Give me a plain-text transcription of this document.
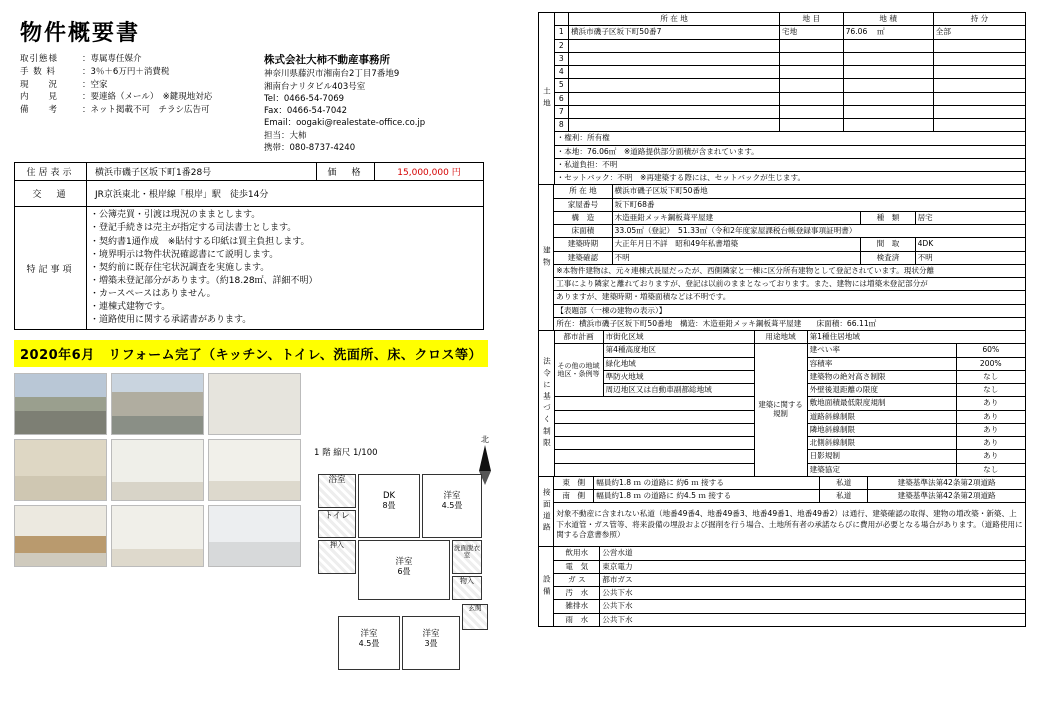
物件概要書
取引態様	：専属専任媒介
手 数 料	：3％＋6万円＋消費税
現　　況	：空家
内　　見	：要連絡（メール）　※鍵現地対応
備　　考	：ネット掲載不可　チラシ広告可
株式会社大柿不動産事務所
神奈川県藤沢市湘南台2丁目7番地9
湘南台ナリタビル403号室
Tel：0466-54-7069
Fax：0466-54-7042
Email：oogaki@realestate-office.co.jp
担当：大柿
携帯：080-8737-4240
住居表示	横浜市磯子区坂下町1番28号	価　格	15,000,000 円
交　通	JR京浜東北・根岸線「根岸」駅　徒歩14分		
特記事項	
・公簿売買・引渡は現況のままとします。
・登記手続きは売主が指定する司法書士とします。
・契約書1通作成　※貼付する印紙は買主負担します。
・境界明示は物件状況確認書にて説明します。
・契約前に既存住宅状況調査を実施します。
・増築未登記部分があります。（約18.28㎡、詳細不明）
・カースペースはありません。
・連棟式建物です。
・道路使用に関する承諾書があります。
2020年6月　リフォーム完了（キッチン、トイレ、洗面所、床、クロス等）
1 階 縮尺 1/100
北
浴室
トイレ
DK
8畳
洋室
4.5畳
押入
洋室
6畳
洗面脱衣室
物入
洋室
4.5畳
洋室
3畳
玄関
土地		所 在 地	地 目	地 積	持 分
	1	横浜市磯子区坂下町50番7	宅地	76.06 ㎡	全部
	2				
	3				
	4				
	5				
	6				
	7				
	8				
	・権利：所有権				
	・本地：76.06㎡　※道路提供部分面積が含まれています。				
	・私道負担：不明				
	・セットバック：不明　※再建築する際には、セットバックが生じます。				
建物	所 在 地	横浜市磯子区坂下町50番地		
	家屋番号	坂下町68番		
	構　造	木造亜鉛メッキ鋼板葺平屋建	種　類	居宅
	床面積	33.05㎡（登記）　51.33㎡（令和2年度家屋課税台帳登録事項証明書）		
	建築時期	大正年月日不詳　昭和49年私書増築	間　取	4DK
	建築確認	不明	検査済	不明
	※本物件建物は、元々連棟式長屋だったが、西側隣家と一棟に区分所有建物として登記されています。現状分離			
	工事により隣家と離れておりますが、登記は以前のままとなっております。また、建物には増築未登記部分が			
	ありますが、建築時期・増築面積などは不明です。			
	【表題部（一棟の建物の表示）】			
	所在：横浜市磯子区坂下町50番地　構造：木造亜鉛メッキ鋼板葺平屋建　　床面積：66.11㎡			
法令に基づく制限	都市計画	市街化区域	用途地域	第1種住居地域	
	その他の地域地区・条例等	第4種高度地区	建築に関する規制	建ぺい率	60%
		緑化地域		容積率	200%
		準防火地域		建築物の絶対高さ制限	なし
		周辺地区又は自動車副都総地域		外壁後退距離の限度	なし
				敷地面積最低限度規制	あり
				道路斜線制限	あり
				隣地斜線制限	あり
				北側斜線制限	あり
				日影規制	あり
				建築協定	なし
接面道路	東　側	幅員約1.8 ｍ の道路に 約6 ｍ 接する	私道	建築基準法第42条第2項道路
	南　側	幅員約1.8 ｍ の道路に 約4.5 ｍ 接する	私道	建築基準法第42条第2項道路
	対象不動産に含まれない私道（地番49番4、地番49番3、地番49番1、地番49番2）は通行、建築確認の取得、建物の増改築・新築、上下水道管・ガス管等、将来設備の埋設および掘削を行う場合、土地所有者の承諾ならびに費用が必要となる場合があります。（道路使用に関する合意書参照）			
設備	飲用水	公営水道
	電　気	東京電力
	ガ ス	都市ガス
	汚　水	公共下水
	雑排水	公共下水
	雨　水	公共下水
